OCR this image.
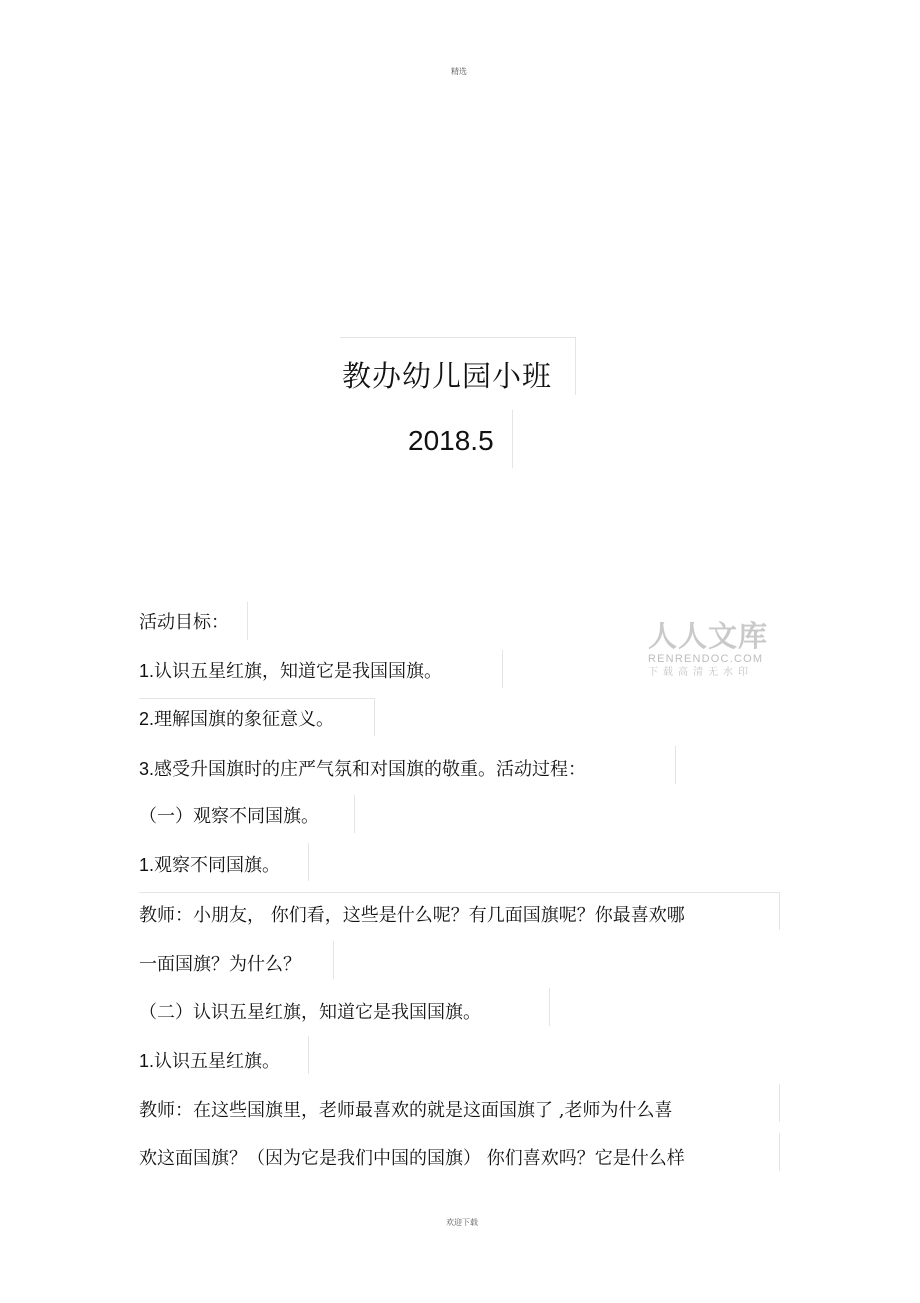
精选
教办幼儿园小班
2018.5
人人文库
RENRENDOC.COM
下载高清无水印
活动目标：
1.认识五星红旗，知道它是我国国旗。
2.理解国旗的象征意义。
3.感受升国旗时的庄严气氛和对国旗的敬重。活动过程：
（一）观察不同国旗。
1.观察不同国旗。
教师：小朋友， 你们看，这些是什么呢？有几面国旗呢？你最喜欢哪
一面国旗？为什么？
（二）认识五星红旗，知道它是我国国旗。
1.认识五星红旗。
教师：在这些国旗里，老师最喜欢的就是这面国旗了 ,老师为什么喜
欢这面国旗？（因为它是我们中国的国旗） 你们喜欢吗？它是什么样
欢迎下载
